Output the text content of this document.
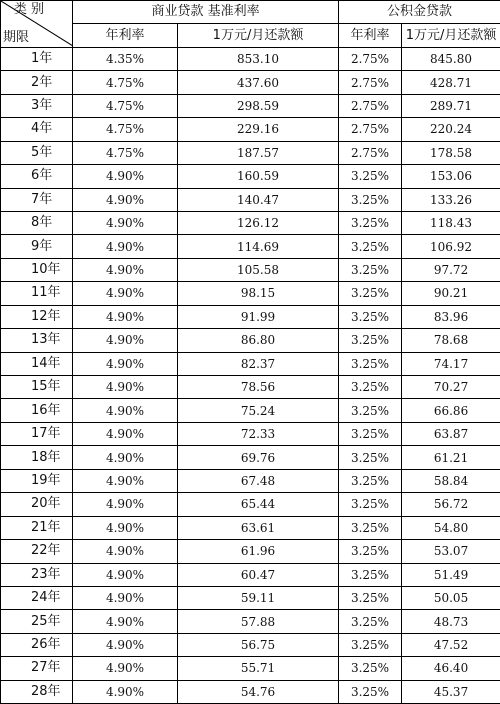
类 别
期限	商业贷款 基准利率		公积金贷款	
	年利率	1万元/月还款额	年利率	1万元/月还款额
1年	4.35%	853.10	2.75%	845.80
2年	4.75%	437.60	2.75%	428.71
3年	4.75%	298.59	2.75%	289.71
4年	4.75%	229.16	2.75%	220.24
5年	4.75%	187.57	2.75%	178.58
6年	4.90%	160.59	3.25%	153.06
7年	4.90%	140.47	3.25%	133.26
8年	4.90%	126.12	3.25%	118.43
9年	4.90%	114.69	3.25%	106.92
10年	4.90%	105.58	3.25%	97.72
11年	4.90%	98.15	3.25%	90.21
12年	4.90%	91.99	3.25%	83.96
13年	4.90%	86.80	3.25%	78.68
14年	4.90%	82.37	3.25%	74.17
15年	4.90%	78.56	3.25%	70.27
16年	4.90%	75.24	3.25%	66.86
17年	4.90%	72.33	3.25%	63.87
18年	4.90%	69.76	3.25%	61.21
19年	4.90%	67.48	3.25%	58.84
20年	4.90%	65.44	3.25%	56.72
21年	4.90%	63.61	3.25%	54.80
22年	4.90%	61.96	3.25%	53.07
23年	4.90%	60.47	3.25%	51.49
24年	4.90%	59.11	3.25%	50.05
25年	4.90%	57.88	3.25%	48.73
26年	4.90%	56.75	3.25%	47.52
27年	4.90%	55.71	3.25%	46.40
28年	4.90%	54.76	3.25%	45.37
